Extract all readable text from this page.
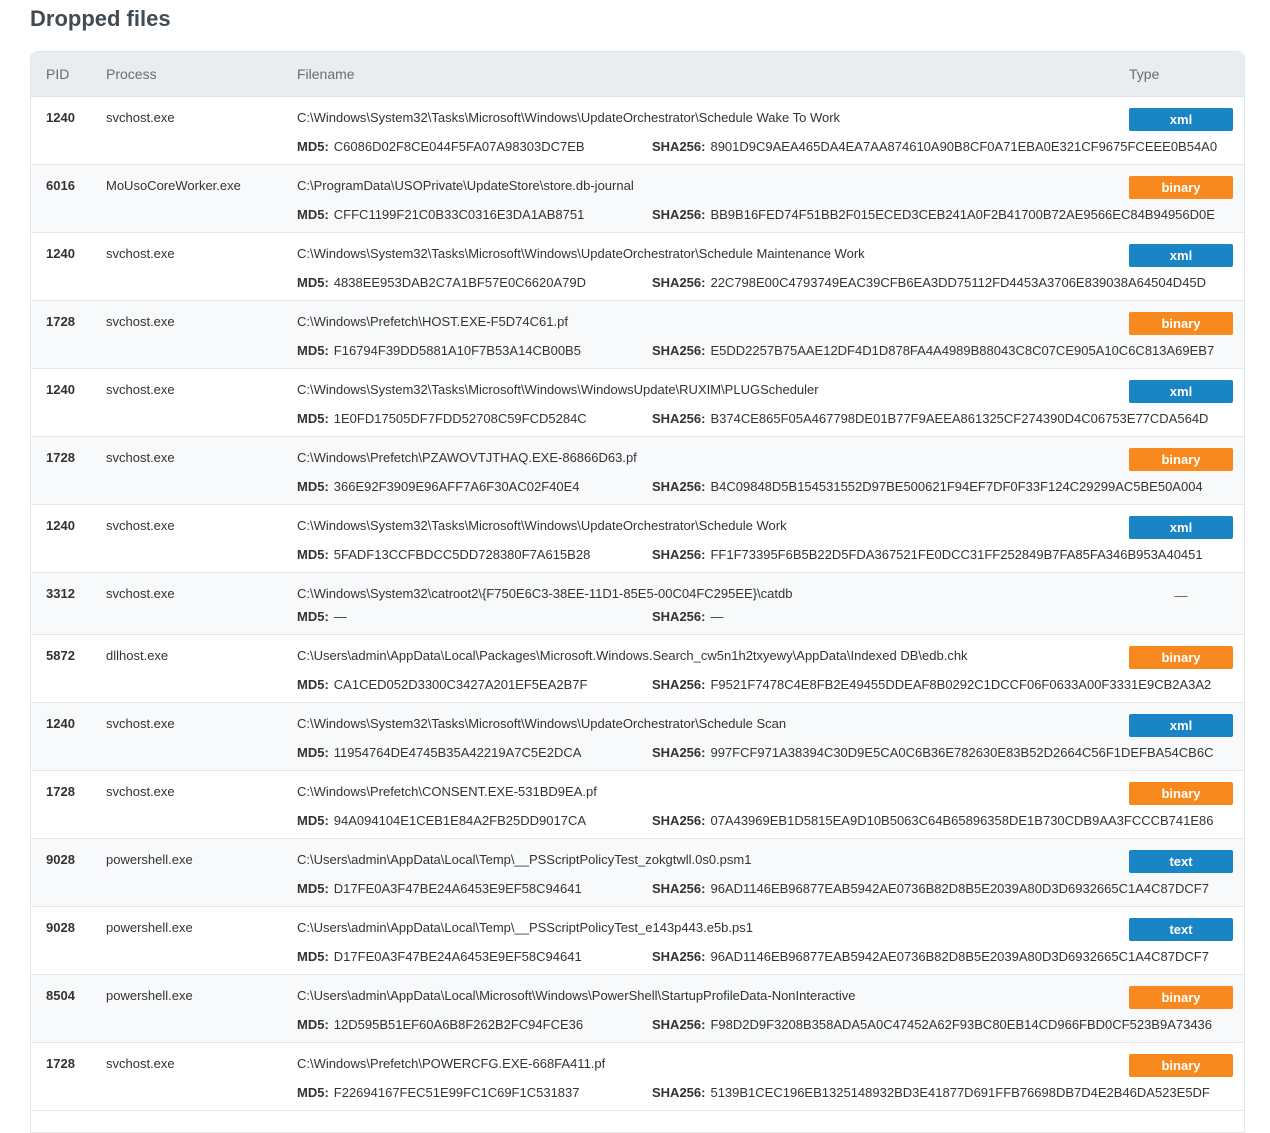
Dropped files
PID	Process	Filename	Type
1240 svchost.exe	C:\Windows\System32\Tasks\Microsoft\Windows\UpdateOrchestrator\Schedule Wake To Work
MD5: C6086D02F8CE044F5FA07A98303DC7EB	SHA256: 8901D9C9AEA465DA4EA7AA874610A90B8CF0A71EBA0E321CF9675FCEEE0B54A0
xml
6016 MoUsoCoreWorker.exe	C:\ProgramData\USOPrivate\UpdateStore\store.db-journal
MD5: CFFC1199F21C0B33C0316E3DA1AB8751	SHA256: BB9B16FED74F51BB2F015ECED3CEB241A0F2B41700B72AE9566EC84B94956D0E
binary
1240 svchost.exe	C:\Windows\System32\Tasks\Microsoft\Windows\UpdateOrchestrator\Schedule Maintenance Work
MD5: 4838EE953DAB2C7A1BF57E0C6620A79D	SHA256: 22C798E00C4793749EAC39CFB6EA3DD75112FD4453A3706E839038A64504D45D
xml
1728 svchost.exe	C:\Windows\Prefetch\HOST.EXE-F5D74C61.pf
MD5: F16794F39DD5881A10F7B53A14CB00B5	SHA256: E5DD2257B75AAE12DF4D1D878FA4A4989B88043C8C07CE905A10C6C813A69EB7
binary
1240 svchost.exe	C:\Windows\System32\Tasks\Microsoft\Windows\WindowsUpdate\RUXIM\PLUGScheduler
MD5: 1E0FD17505DF7FDD52708C59FCD5284C	SHA256: B374CE865F05A467798DE01B77F9AEEA861325CF274390D4C06753E77CDA564D
xml
1728 svchost.exe	C:\Windows\Prefetch\PZAWOVTJTHAQ.EXE-86866D63.pf
MD5: 366E92F3909E96AFF7A6F30AC02F40E4	SHA256: B4C09848D5B154531552D97BE500621F94EF7DF0F33F124C29299AC5BE50A004
binary
1240 svchost.exe	C:\Windows\System32\Tasks\Microsoft\Windows\UpdateOrchestrator\Schedule Work
MD5: 5FADF13CCFBDCC5DD728380F7A615B28	SHA256: FF1F73395F6B5B22D5FDA367521FE0DCC31FF252849B7FA85FA346B953A40451
xml
3312 svchost.exe	C:\Windows\System32\catroot2\{F750E6C3-38EE-11D1-85E5-00C04FC295EE}\catdb
MD5: —	SHA256: —
—
5872 dllhost.exe	C:\Users\admin\AppData\Local\Packages\Microsoft.Windows.Search_cw5n1h2txyewy\AppData\Indexed DB\edb.chk
MD5: CA1CED052D3300C3427A201EF5EA2B7F	SHA256: F9521F7478C4E8FB2E49455DDEAF8B0292C1DCCF06F0633A00F3331E9CB2A3A2
binary
1240 svchost.exe	C:\Windows\System32\Tasks\Microsoft\Windows\UpdateOrchestrator\Schedule Scan
MD5: 11954764DE4745B35A42219A7C5E2DCA	SHA256: 997FCF971A38394C30D9E5CA0C6B36E782630E83B52D2664C56F1DEFBA54CB6C
xml
1728 svchost.exe	C:\Windows\Prefetch\CONSENT.EXE-531BD9EA.pf
MD5: 94A094104E1CEB1E84A2FB25DD9017CA	SHA256: 07A43969EB1D5815EA9D10B5063C64B65896358DE1B730CDB9AA3FCCCB741E86
binary
9028 powershell.exe	C:\Users\admin\AppData\Local\Temp\__PSScriptPolicyTest_zokgtwll.0s0.psm1
MD5: D17FE0A3F47BE24A6453E9EF58C94641	SHA256: 96AD1146EB96877EAB5942AE0736B82D8B5E2039A80D3D6932665C1A4C87DCF7
text
9028 powershell.exe	C:\Users\admin\AppData\Local\Temp\__PSScriptPolicyTest_e143p443.e5b.ps1
MD5: D17FE0A3F47BE24A6453E9EF58C94641	SHA256: 96AD1146EB96877EAB5942AE0736B82D8B5E2039A80D3D6932665C1A4C87DCF7
text
8504 powershell.exe	C:\Users\admin\AppData\Local\Microsoft\Windows\PowerShell\StartupProfileData-NonInteractive
MD5: 12D595B51EF60A6B8F262B2FC94FCE36	SHA256: F98D2D9F3208B358ADA5A0C47452A62F93BC80EB14CD966FBD0CF523B9A73436
binary
1728 svchost.exe	C:\Windows\Prefetch\POWERCFG.EXE-668FA411.pf
MD5: F22694167FEC51E99FC1C69F1C531837	SHA256: 5139B1CEC196EB1325148932BD3E41877D691FFB76698DB7D4E2B46DA523E5DF
binary
